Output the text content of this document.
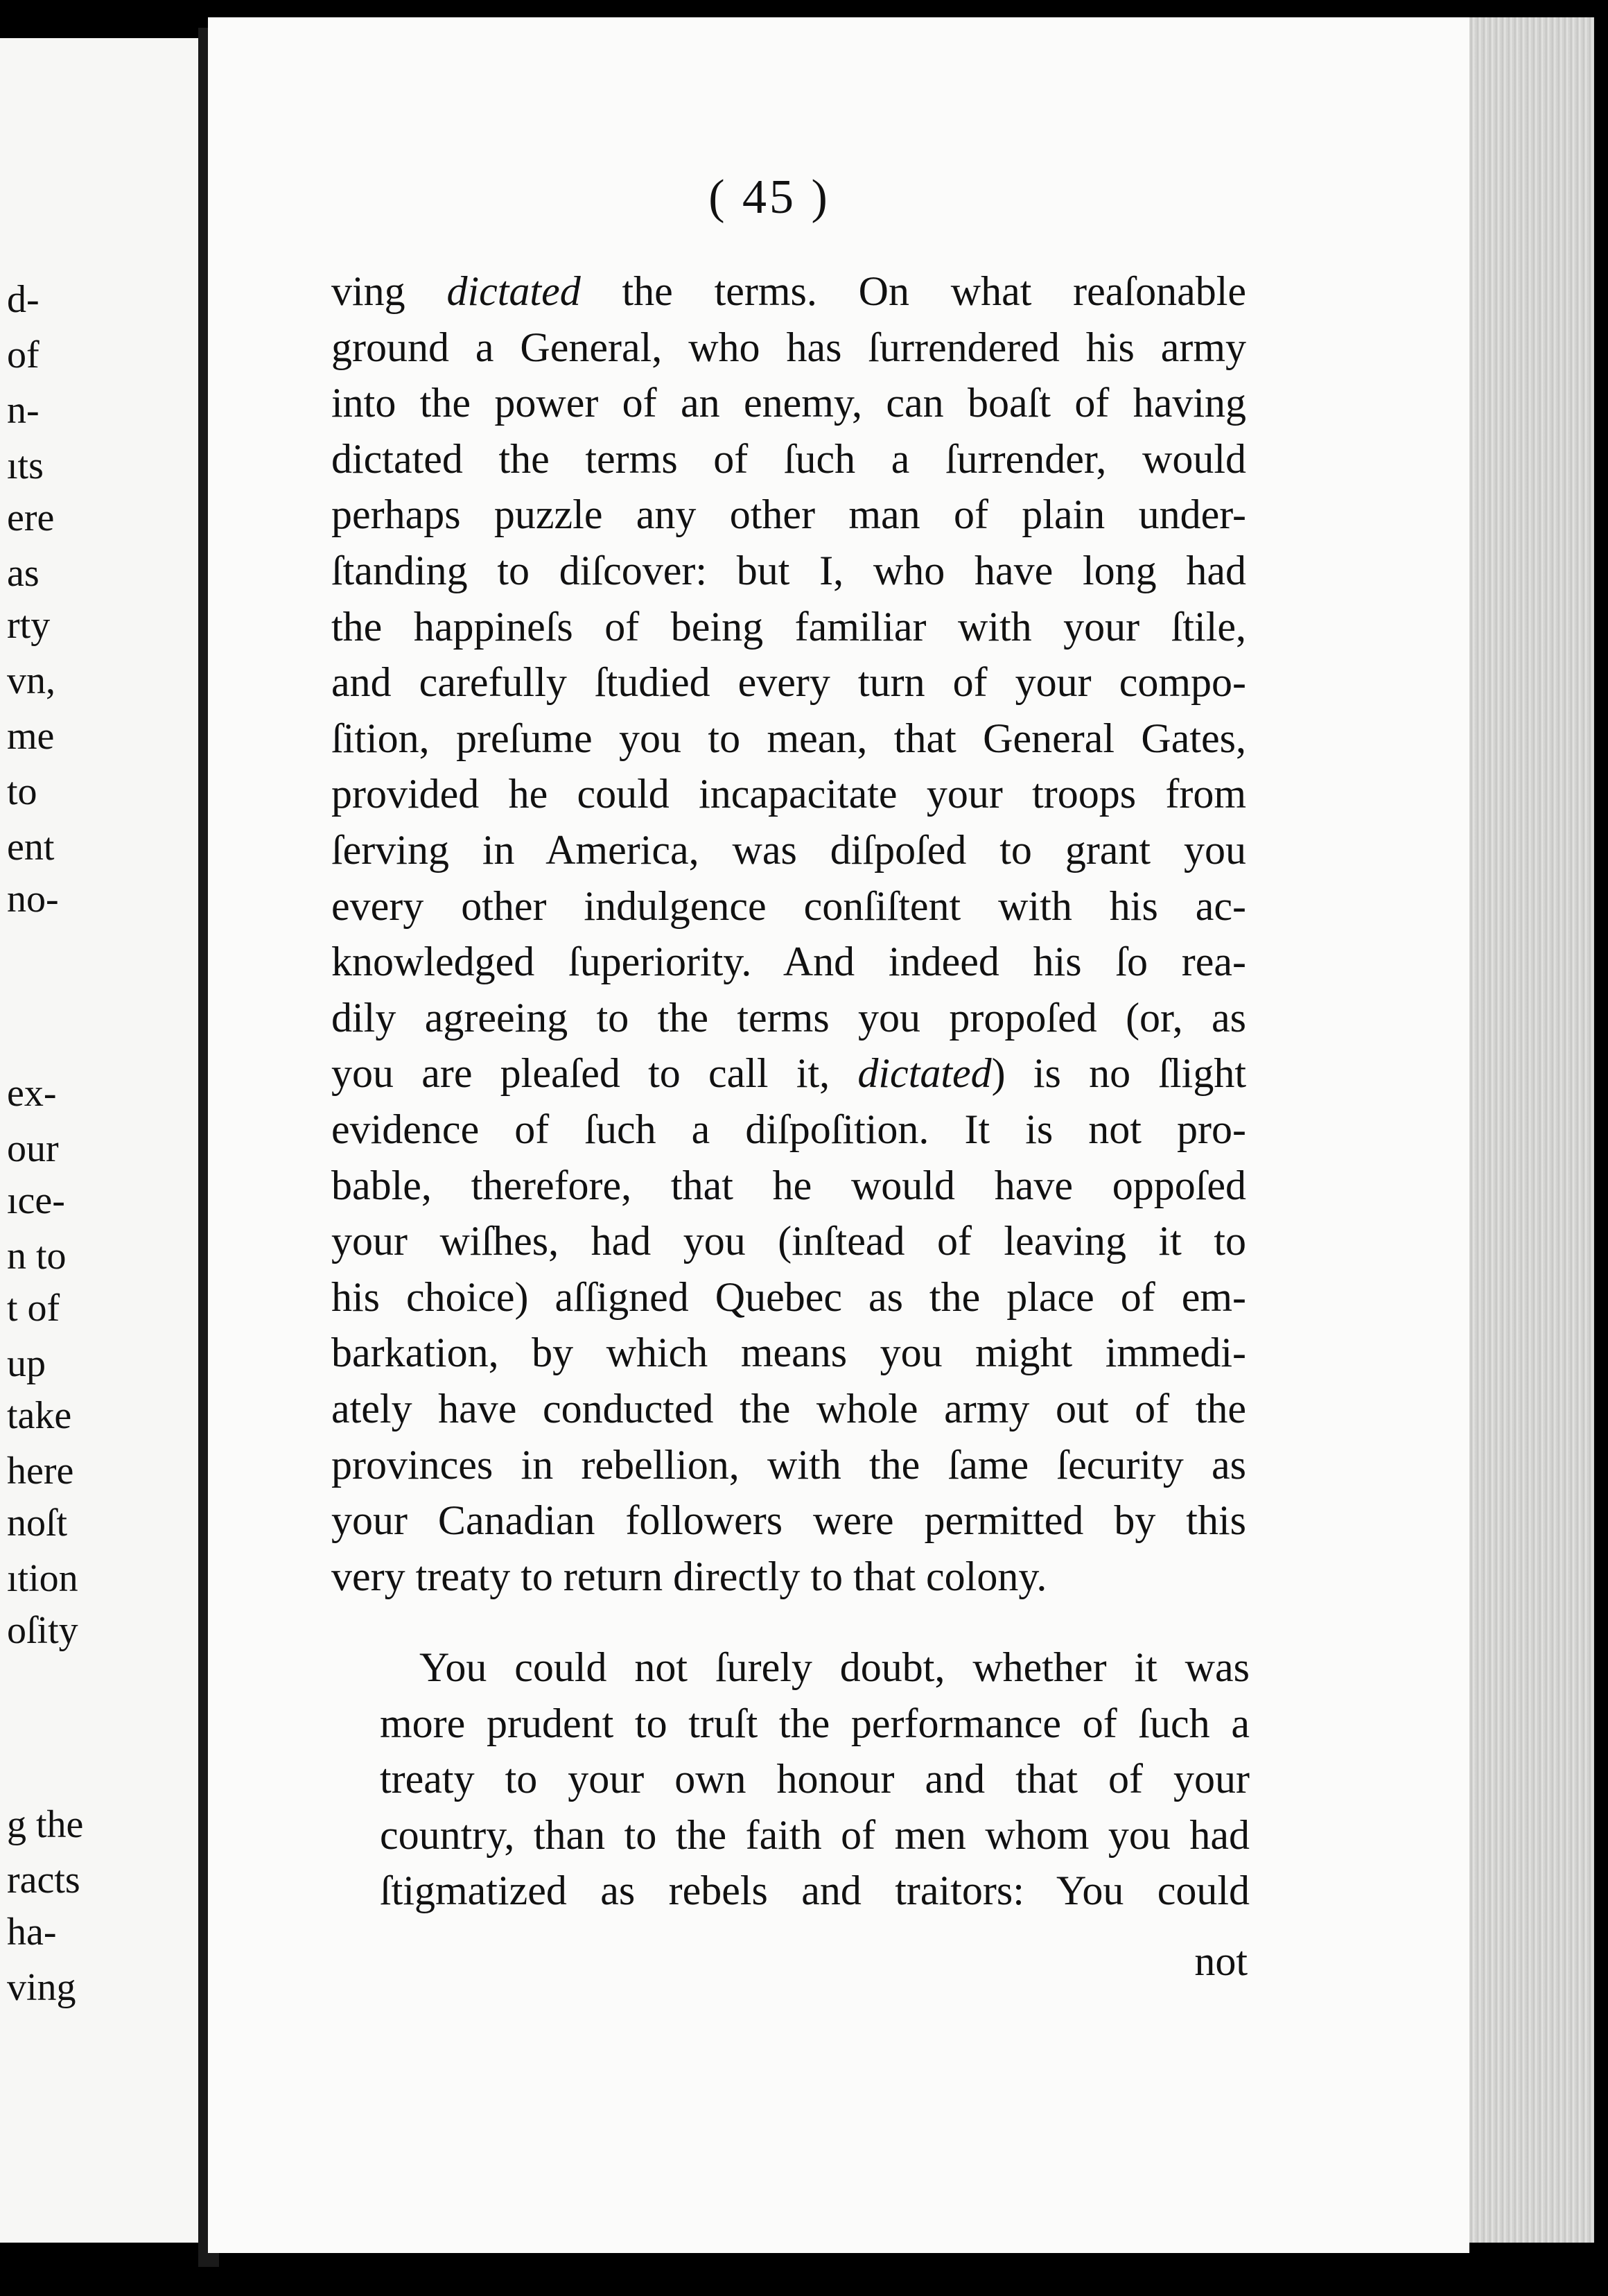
d-
of
n-
ıts
ere
as
rty
vn,
me
to
ent
no-
ex-
our
ıce-
n to
t of
up
take
here
noſt
ıtion
oſity
g the
racts
ha-
ving
( 45 )
ving dictated the terms. On what reaſonable
ground a General, who has ſurrendered his army
into the power of an enemy, can boaſt of having
dictated the terms of ſuch a ſurrender, would
perhaps puzzle any other man of plain under-
ſtanding to diſcover: but I, who have long had
the happineſs of being familiar with your ſtile,
and carefully ſtudied every turn of your compo-
ſition, preſume you to mean, that General Gates,
provided he could incapacitate your troops from
ſerving in America, was diſpoſed to grant you
every other indulgence conſiſtent with his ac-
knowledged ſuperiority. And indeed his ſo rea-
dily agreeing to the terms you propoſed (or, as
you are pleaſed to call it, dictated) is no ſlight
evidence of ſuch a diſpoſition. It is not pro-
bable, therefore, that he would have oppoſed
your wiſhes, had you (inſtead of leaving it to
his choice) aſſigned Quebec as the place of em-
barkation, by which means you might immedi-
ately have conducted the whole army out of the
provinces in rebellion, with the ſame ſecurity as
your Canadian followers were permitted by this
very treaty to return directly to that colony.
You could not ſurely doubt, whether it was
more prudent to truſt the performance of ſuch a
treaty to your own honour and that of your
country, than to the faith of men whom you had
ſtigmatized as rebels and traitors: You could
not
